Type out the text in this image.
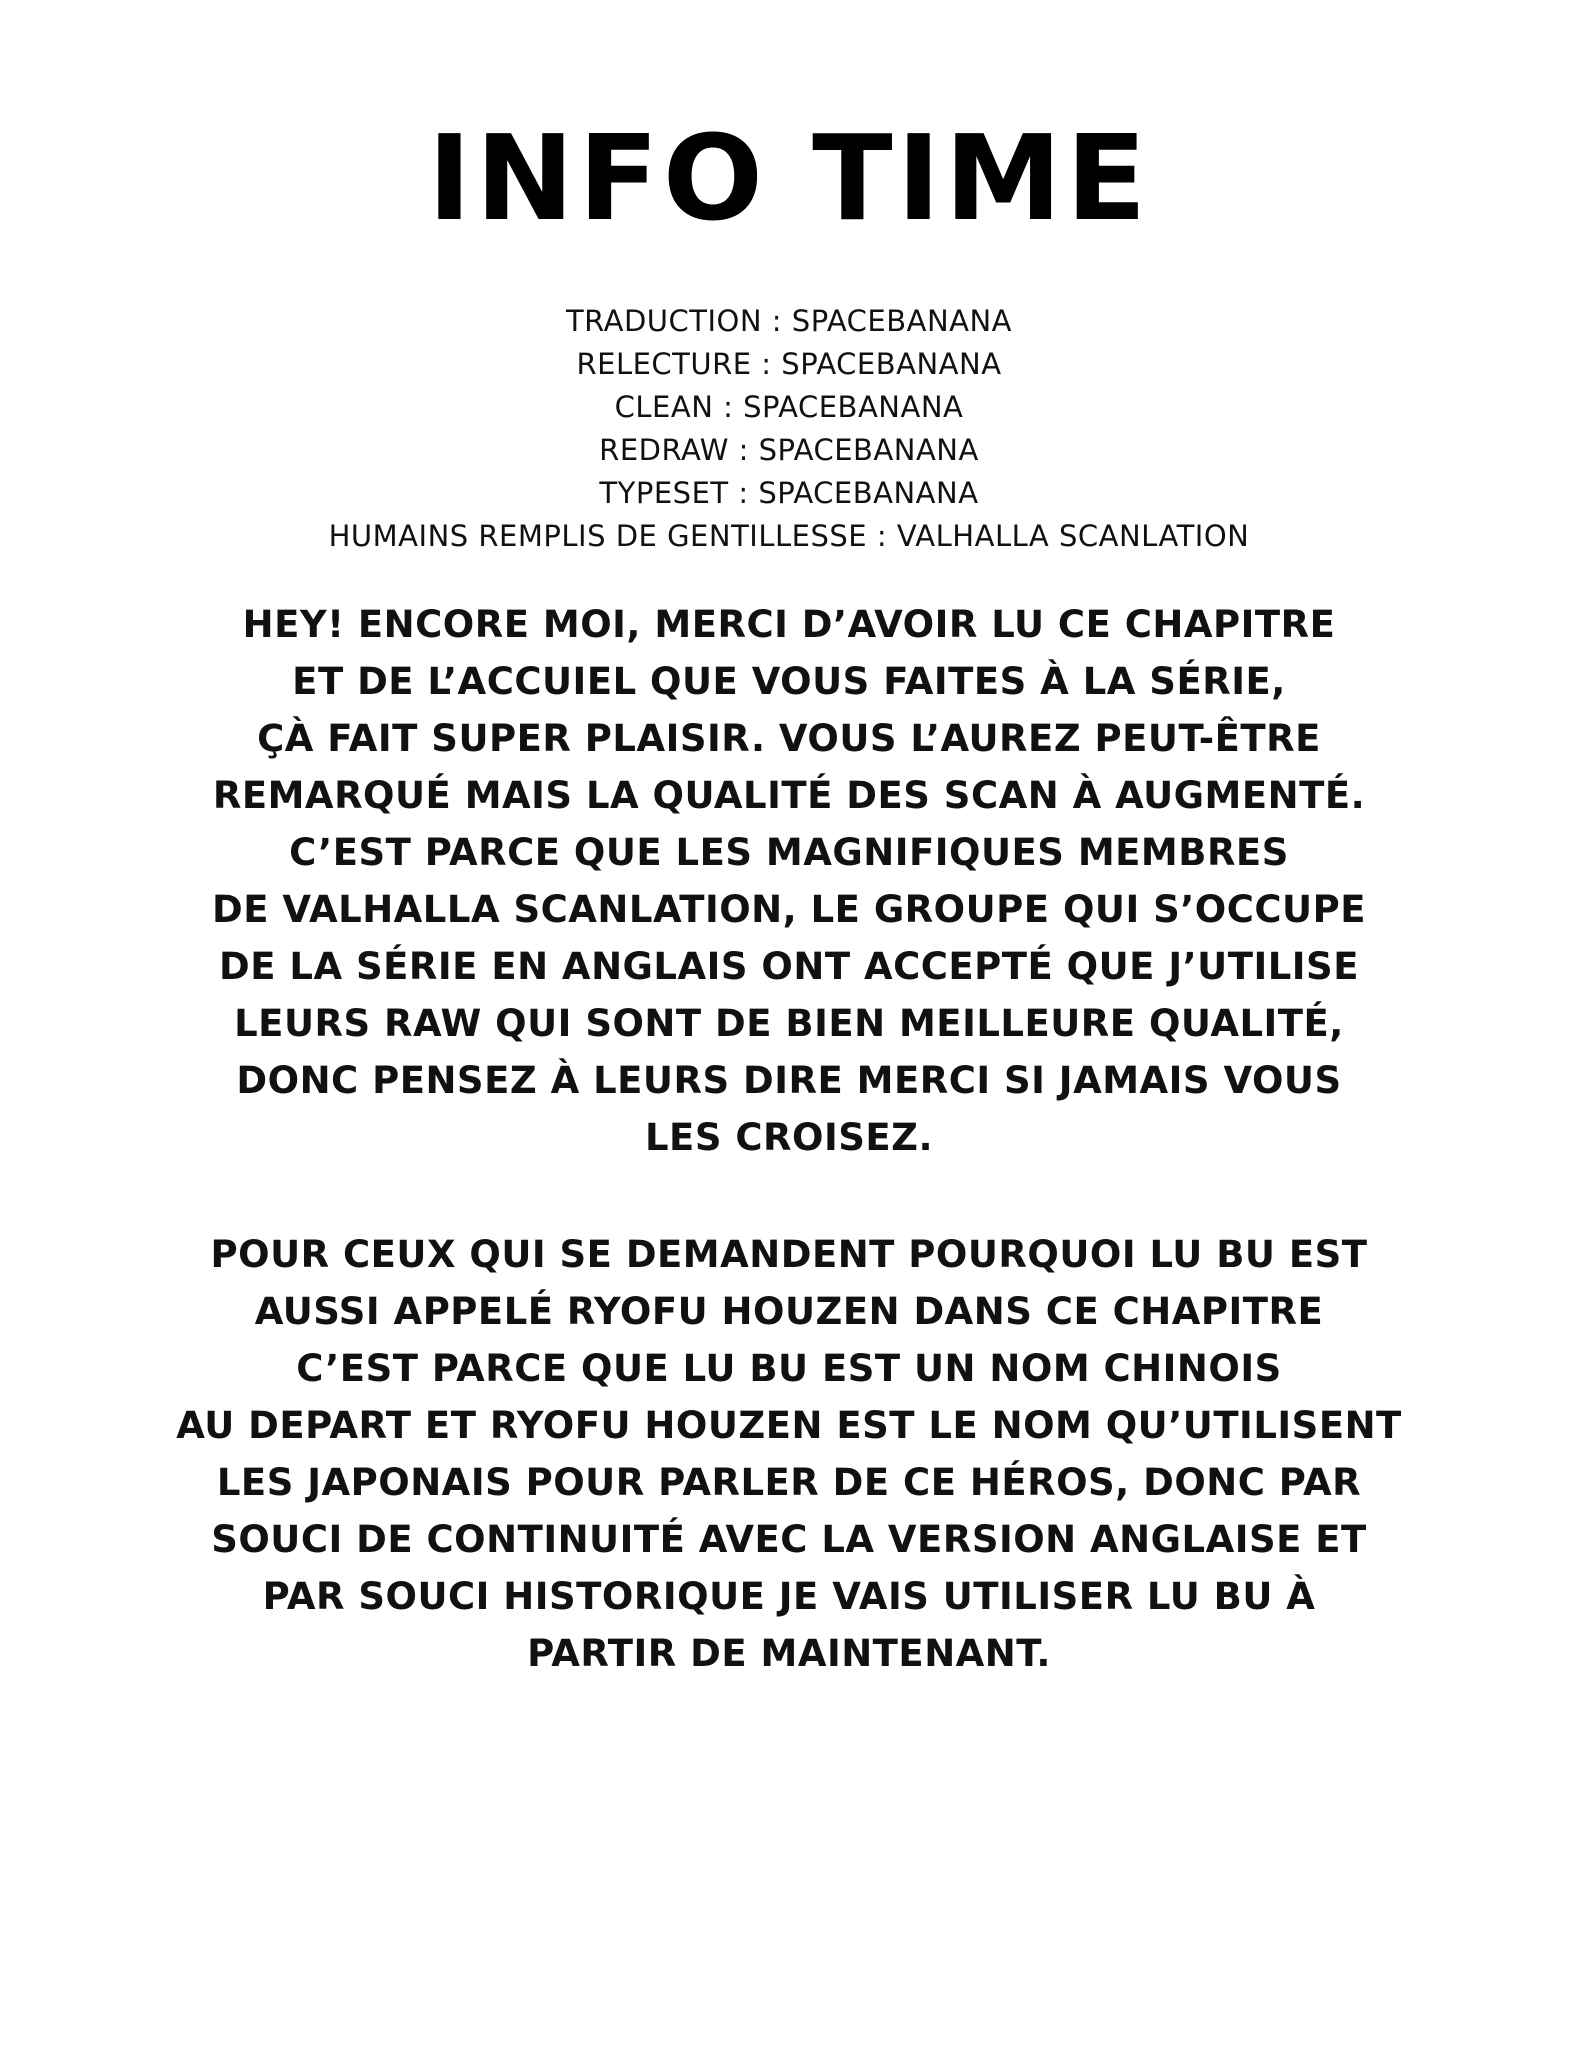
INFO TIME
TRADUCTION : SPACEBANANA
RELECTURE : SPACEBANANA
CLEAN : SPACEBANANA
REDRAW : SPACEBANANA
TYPESET : SPACEBANANA
HUMAINS REMPLIS DE GENTILLESSE : VALHALLA SCANLATION
HEY! ENCORE MOI, MERCI D’AVOIR LU CE CHAPITRE
ET DE L’ACCUIEL QUE VOUS FAITES À LA SÉRIE,
ÇÀ FAIT SUPER PLAISIR. VOUS L’AUREZ PEUT-ÊTRE
REMARQUÉ MAIS LA QUALITÉ DES SCAN À AUGMENTÉ.
C’EST PARCE QUE LES MAGNIFIQUES MEMBRES
DE VALHALLA SCANLATION, LE GROUPE QUI S’OCCUPE
DE LA SÉRIE EN ANGLAIS ONT ACCEPTÉ QUE J’UTILISE
LEURS RAW QUI SONT DE BIEN MEILLEURE QUALITÉ,
DONC PENSEZ À LEURS DIRE MERCI SI JAMAIS VOUS
LES CROISEZ.
POUR CEUX QUI SE DEMANDENT POURQUOI LU BU EST
AUSSI APPELÉ RYOFU HOUZEN DANS CE CHAPITRE
C’EST PARCE QUE LU BU EST UN NOM CHINOIS
AU DEPART ET RYOFU HOUZEN EST LE NOM QU’UTILISENT
LES JAPONAIS POUR PARLER DE CE HÉROS, DONC PAR
SOUCI DE CONTINUITÉ AVEC LA VERSION ANGLAISE ET
PAR SOUCI HISTORIQUE JE VAIS UTILISER LU BU À
PARTIR DE MAINTENANT.
